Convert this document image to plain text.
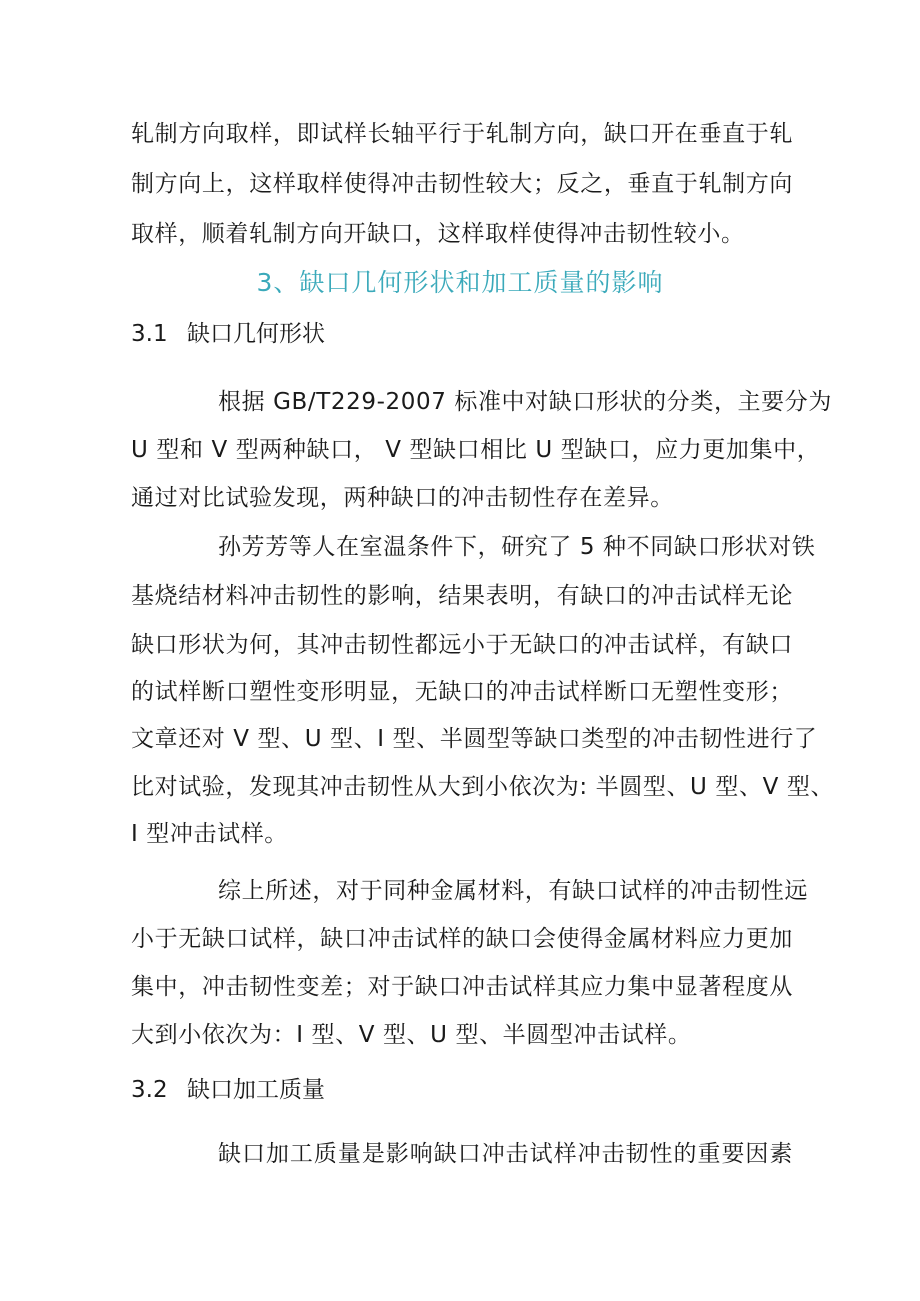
轧制方向取样，即试样长轴平行于轧制方向，缺口开在垂直于轧
制方向上，这样取样使得冲击韧性较大；反之，垂直于轧制方向
取样，顺着轧制方向开缺口，这样取样使得冲击韧性较小。
3、缺口几何形状和加工质量的影响
3.1 缺口几何形状
根据 GB/T229-2007 标准中对缺口形状的分类，主要分为
U 型和 V 型两种缺口， V 型缺口相比 U 型缺口，应力更加集中，
通过对比试验发现，两种缺口的冲击韧性存在差异。
孙芳芳等人在室温条件下，研究了 5 种不同缺口形状对铁
基烧结材料冲击韧性的影响，结果表明，有缺口的冲击试样无论
缺口形状为何，其冲击韧性都远小于无缺口的冲击试样，有缺口
的试样断口塑性变形明显，无缺口的冲击试样断口无塑性变形；
文章还对 V 型、U 型、I 型、半圆型等缺口类型的冲击韧性进行了
比对试验，发现其冲击韧性从大到小依次为: 半圆型、U 型、V 型、
I 型冲击试样。
综上所述，对于同种金属材料，有缺口试样的冲击韧性远
小于无缺口试样，缺口冲击试样的缺口会使得金属材料应力更加
集中，冲击韧性变差；对于缺口冲击试样其应力集中显著程度从
大到小依次为：I 型、V 型、U 型、半圆型冲击试样。
3.2 缺口加工质量
缺口加工质量是影响缺口冲击试样冲击韧性的重要因素
